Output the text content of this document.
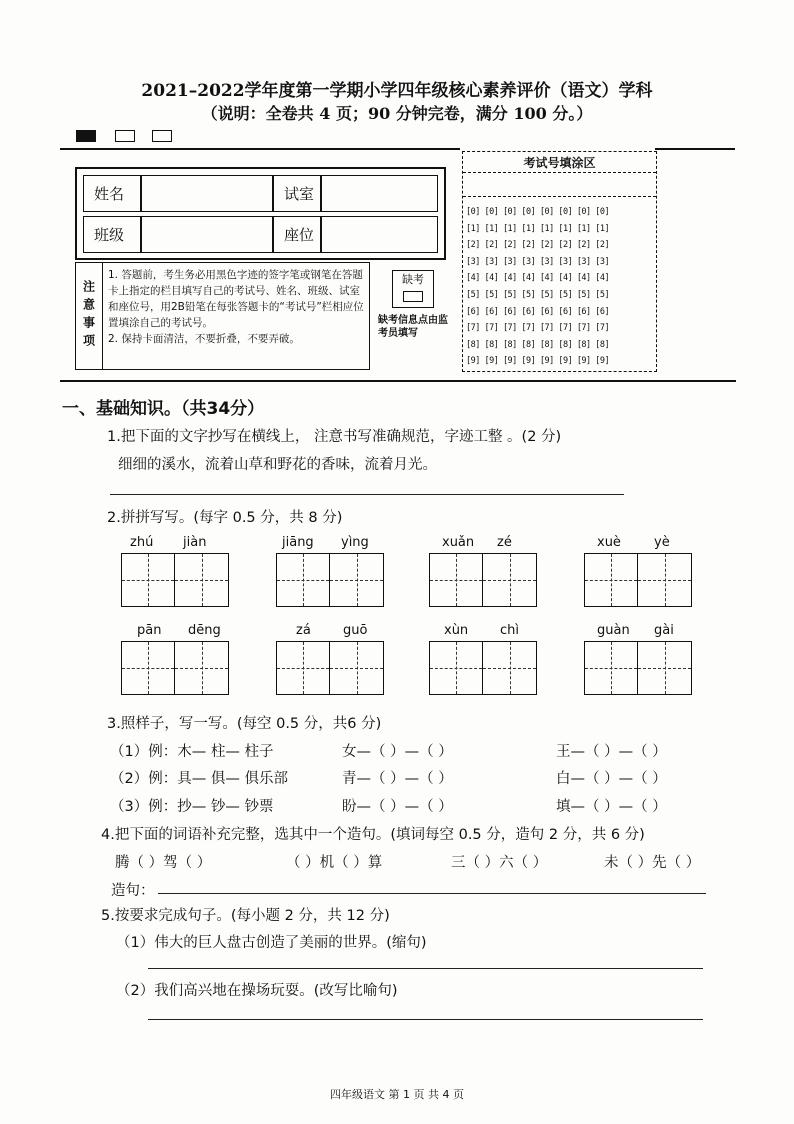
2021–2022学年度第一学期小学四年级核心素养评价（语文）学科
（说明：全卷共 4 页；90 分钟完卷，满分 100 分。）
姓名	试室
班级	座位
注意事项
1. 答题前，考生务必用黑色字迹的签字笔或钢笔在答题卡上指定的栏目填写自己的考试号、姓名、班级、试室和座位号，用2B铅笔在每张答题卡的“考试号”栏相应位置填涂自己的考试号。
2. 保持卡面清洁，不要折叠，不要弄破。
缺考
缺考信息点由监考员填写
考试号填涂区
[0] [0] [0] [0] [0] [0] [0] [0]
[1] [1] [1] [1] [1] [1] [1] [1]
[2] [2] [2] [2] [2] [2] [2] [2]
[3] [3] [3] [3] [3] [3] [3] [3]
[4] [4] [4] [4] [4] [4] [4] [4]
[5] [5] [5] [5] [5] [5] [5] [5]
[6] [6] [6] [6] [6] [6] [6] [6]
[7] [7] [7] [7] [7] [7] [7] [7]
[8] [8] [8] [8] [8] [8] [8] [8]
[9] [9] [9] [9] [9] [9] [9] [9]
一、基础知识。（共34分）
1.把下面的文字抄写在横线上， 注意书写准确规范，字迹工整 。(2 分)
细细的溪水，流着山草和野花的香味，流着月光。
2.拼拼写写。(每字 0.5 分，共 8 分)
zhú jiàn	jiāng yìng	xuǎn zé	xuè	yè
pān dēng	zá guō	xùn chì	guàn gài
3.照样子，写一写。(每空 0.5 分，共6 分)
（1）例：木— 柱— 柱子	女—（ ）—（ ）	王—（ ）—（ ）
（2）例：具— 俱— 俱乐部	青—（ ）—（ ）	白—（ ）—（ ）
（3）例：抄— 钞— 钞票	盼—（ ）—（ ）	填—（ ）—（ ）
4.把下面的词语补充完整，选其中一个造句。(填词每空 0.5 分，造句 2 分，共 6 分)
腾（ ）驾（ ）	（ ）机（ ）算	三（ ）六（ ）	未（ ）先（ ）
造句：
5.按要求完成句子。(每小题 2 分，共 12 分)
（1）伟大的巨人盘古创造了美丽的世界。(缩句)
（2）我们高兴地在操场玩耍。(改写比喻句)
四年级语文 第 1 页 共 4 页
